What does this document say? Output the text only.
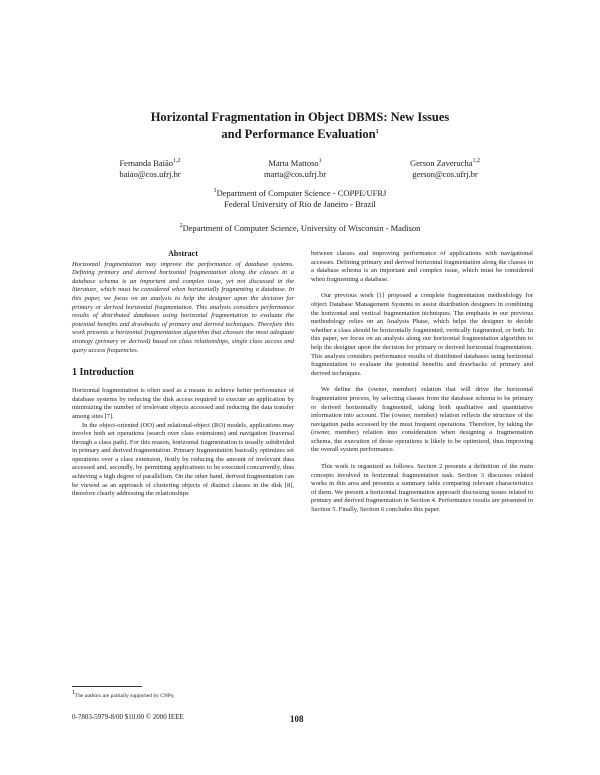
Horizontal Fragmentation in Object DBMS: New Issues
and Performance Evaluation$^1$
Fernanda Baião$^{1,2}$
baiao@cos.ufrj.br
Marta Mattoso$^1$
marta@cos.ufrj.br
Gerson Zaverucha$^{1,2}$
gerson@cos.ufrj.br
$^1$Department of Computer Science - COPPE/UFRJ
Federal University of Rio de Janeiro - Brazil
$^2$Department of Computer Science, University of Wisconsin - Madison
Abstract

Horizontal fragmentation may improve the performance of database systems. Defining primary and derived horizontal fragmentation along the classes in a database schema is an important and complex issue, yet not discussed in the literature, which must be considered when horizontally fragmenting a database. In this paper, we focus on an analysis to help the designer upon the decision for primary or derived horizontal fragmentation. This analysis considers performance results of distributed databases using horizontal fragmentation to evaluate the potential benefits and drawbacks of primary and derived techniques. Therefore this work presents a horizontal fragmentation algorithm that chooses the most adequate strategy (primary or derived) based on class relationships, single class access and query access frequencies.

1 Introduction

Horizontal fragmentation is often used as a means to achieve better performance of database systems by reducing the disk access required to execute an application by minimizing the number of irrelevant objects accessed and reducing the data transfer among sites [7].

In the object-oriented (OO) and relational-object (RO) models, applications may involve both set operations (search over class extensions) and navigation (traversal through a class path). For this reason, horizontal fragmentation is usually subdivided in primary and derived fragmentation. Primary fragmentation basically optimizes set operations over a class extension, firstly by reducing the amount of irrelevant data accessed and, secondly, by permitting applications to be executed concurrently, thus achieving a high degree of parallelism. On the other hand, derived fragmentation can be viewed as an approach of clustering objects of distinct classes in the disk [8], therefore clearly addressing the relationships

between classes and improving performance of applications with navigational accesses. Defining primary and derived horizontal fragmentation along the classes in a database schema is an important and complex issue, which must be considered when fragmenting a database.

Our previous work [1] proposed a complete fragmentation methodology for object Database Management Systems to assist distribution designers in combining the horizontal and vertical fragmentation techniques. The emphasis in our previous methodology relies on an Analysis Phase, which helps the designer to decide whether a class should be horizontally fragmented, vertically fragmented, or both. In this paper, we focus on an analysis along our horizontal fragmentation algorithm to help the designer upon the decision for primary or derived horizontal fragmentation. This analysis considers performance results of distributed databases using horizontal fragmentation to evaluate the potential benefits and drawbacks of primary and derived techniques.

We define the (owner, member) relation that will drive the horizontal fragmentation process, by selecting classes from the database schema to be primary or derived horizontally fragmented, taking both qualitative and quantitative information into account. The (owner, member) relation reflects the structure of the navigation paths accessed by the most frequent operations. Therefore, by taking the (owner, member) relation into consideration when designing a fragmentation schema, the execution of those operations is likely to be optimized, thus improving the overall system performance.

This work is organized as follows. Section 2 presents a definition of the main concepts involved in horizontal fragmentation task. Section 3 discusses related works in this area and presents a summary table comparing relevant characteristics of them. We present a horizontal fragmentation approach discussing issues related to primary and derived fragmentation in Section 4. Performance results are presented in Section 5. Finally, Section 6 concludes this paper.

$^1$The authors are partially supported by CNPq
0-7803-5979-8/00 $10.00 © 2000 IEEE	108
